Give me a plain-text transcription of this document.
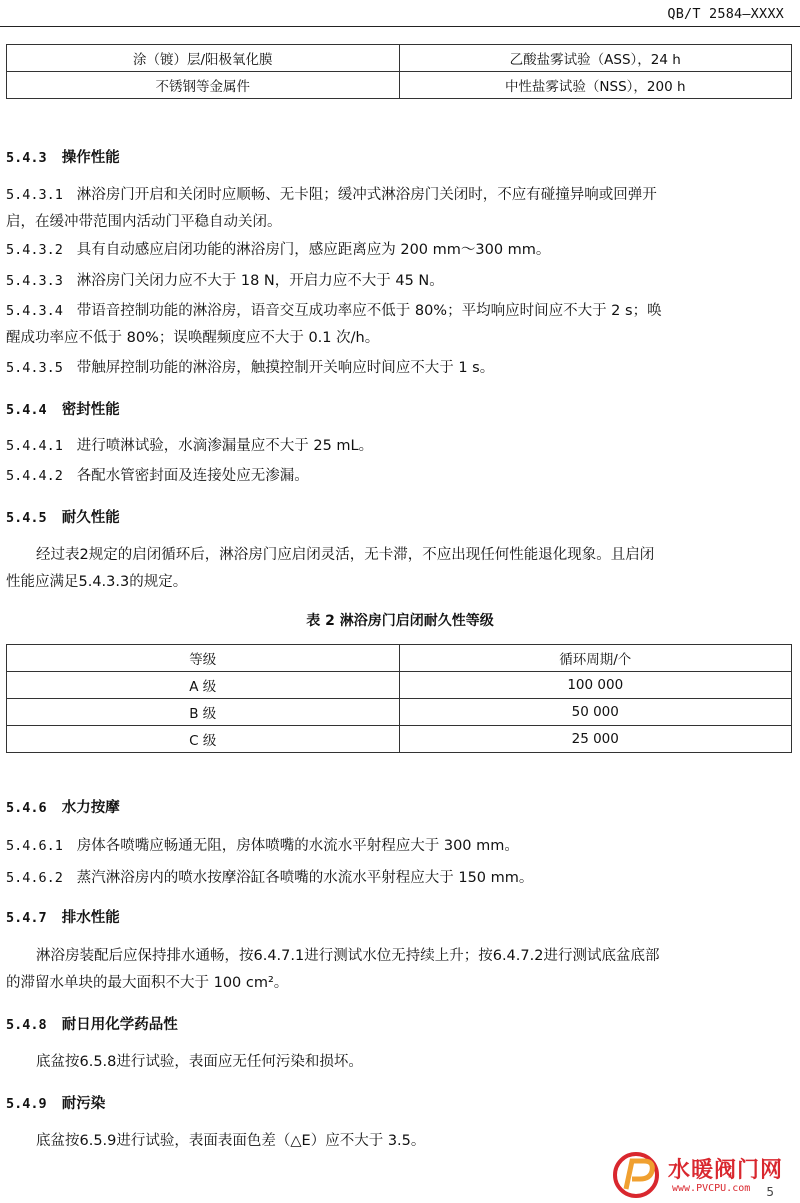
QB/T 2584—XXXX
涂（镀）层/阳极氧化膜	乙酸盐雾试验（ASS），24 h
不锈钢等金属件	中性盐雾试验（NSS），200 h
5.4.3 操作性能
5.4.3.1 淋浴房门开启和关闭时应顺畅、无卡阻；缓冲式淋浴房门关闭时，不应有碰撞异响或回弹开
启，在缓冲带范围内活动门平稳自动关闭。
5.4.3.2 具有自动感应启闭功能的淋浴房门，感应距离应为 200 mm～300 mm。
5.4.3.3 淋浴房门关闭力应不大于 18 N，开启力应不大于 45 N。
5.4.3.4 带语音控制功能的淋浴房，语音交互成功率应不低于 80%；平均响应时间应不大于 2 s；唤
醒成功率应不低于 80%；误唤醒频度应不大于 0.1 次/h。
5.4.3.5 带触屏控制功能的淋浴房，触摸控制开关响应时间应不大于 1 s。
5.4.4 密封性能
5.4.4.1 进行喷淋试验，水滴渗漏量应不大于 25 mL。
5.4.4.2 各配水管密封面及连接处应无渗漏。
5.4.5 耐久性能
经过表2规定的启闭循环后，淋浴房门应启闭灵活，无卡滞，不应出现任何性能退化现象。且启闭
性能应满足5.4.3.3的规定。
表 2 淋浴房门启闭耐久性等级
等级	循环周期/个
A 级	100 000
B 级	50 000
C 级	25 000
5.4.6 水力按摩
5.4.6.1 房体各喷嘴应畅通无阻，房体喷嘴的水流水平射程应大于 300 mm。
5.4.6.2 蒸汽淋浴房内的喷水按摩浴缸各喷嘴的水流水平射程应大于 150 mm。
5.4.7 排水性能
淋浴房装配后应保持排水通畅，按6.4.7.1进行测试水位无持续上升；按6.4.7.2进行测试底盆底部
的滞留水单块的最大面积不大于 100 cm²。
5.4.8 耐日用化学药品性
底盆按6.5.8进行试验，表面应无任何污染和损坏。
5.4.9 耐污染
底盆按6.5.9进行试验，表面表面色差（△E）应不大于 3.5。
水暖阀门网
www.PVCPU.com 5
